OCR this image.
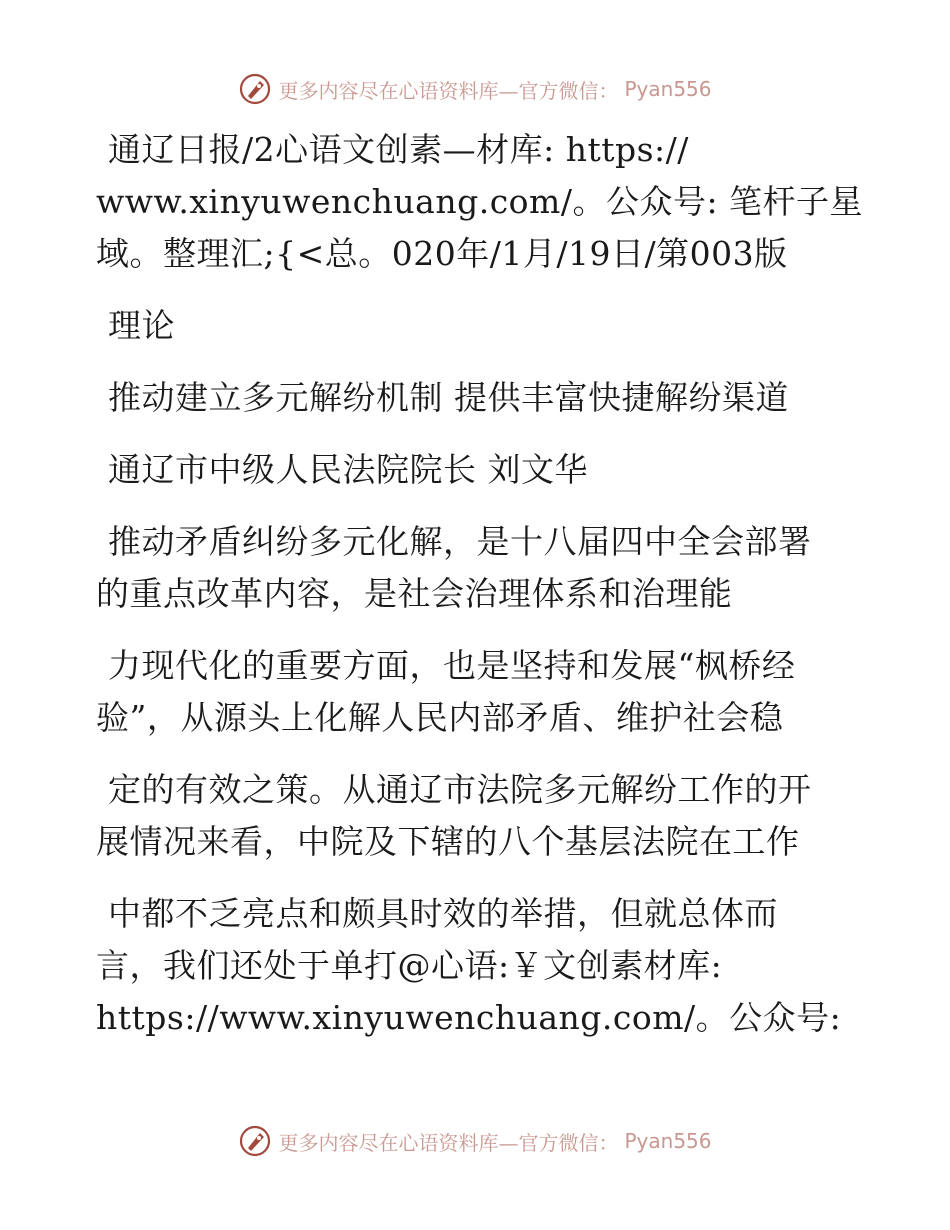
更多内容尽在心语资料库—官方微信： Pyan556

通辽日报/2心语文创素—材库: https://

www.xinyuwenchuang.com/。公众号: 笔杆子星

域。整理汇;{<总。020年/1月/19日/第003版

理论

推动建立多元解纷机制 提供丰富快捷解纷渠道

通辽市中级人民法院院长 刘文华

推动矛盾纠纷多元化解，是十八届四中全会部署

的重点改革内容，是社会治理体系和治理能

力现代化的重要方面，也是坚持和发展“枫桥经

验”，从源头上化解人民内部矛盾、维护社会稳

定的有效之策。从通辽市法院多元解纷工作的开

展情况来看，中院及下辖的八个基层法院在工作

中都不乏亮点和颇具时效的举措，但就总体而

言，我们还处于单打@心语:￥文创素材库:

https://www.xinyuwenchuang.com/。公众号:

更多内容尽在心语资料库—官方微信： Pyan556
